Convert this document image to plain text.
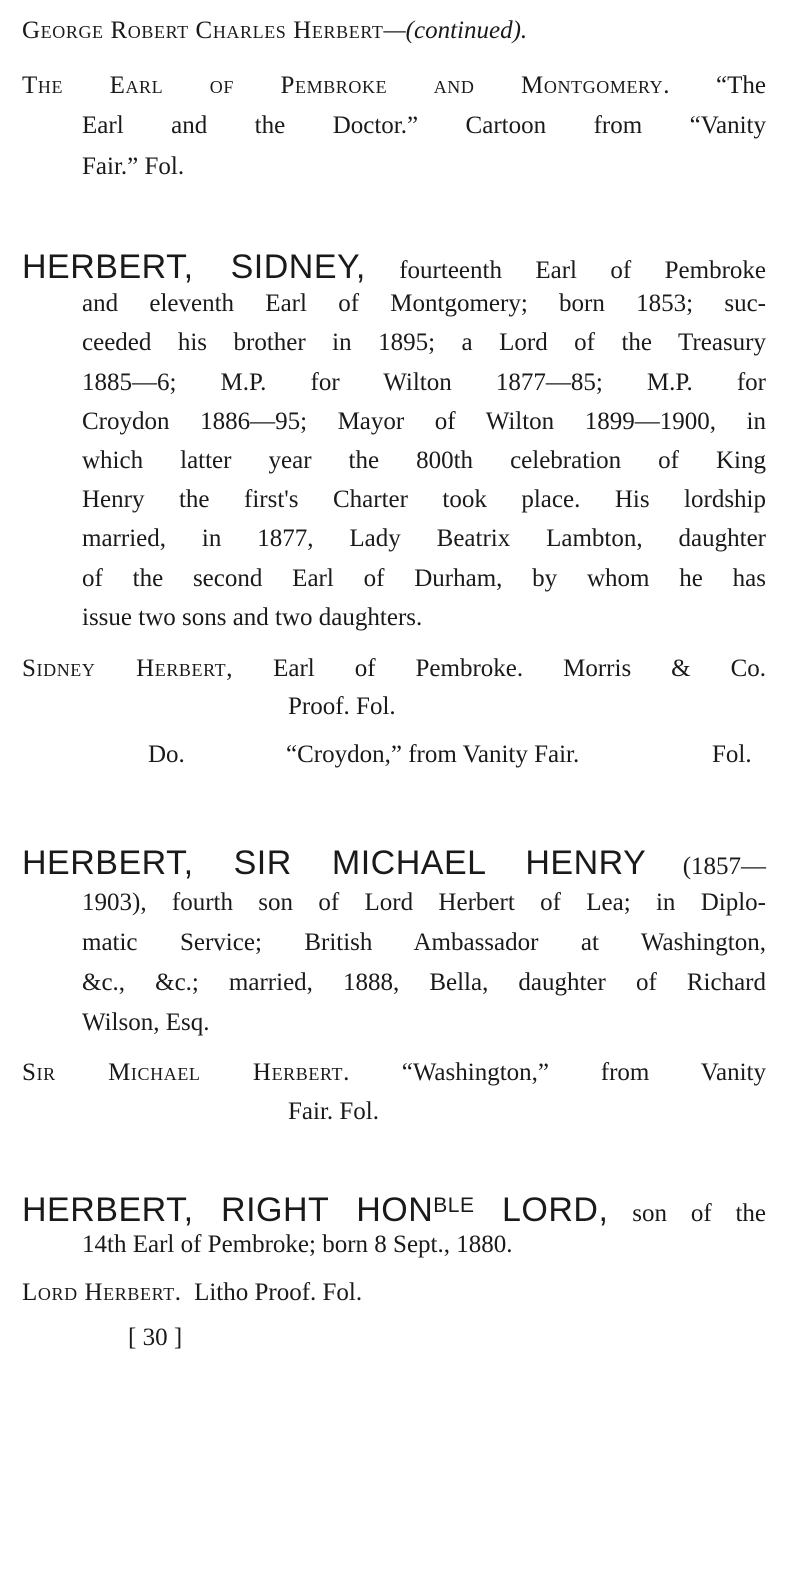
George Robert Charles Herbert—(continued).
The Earl of Pembroke and Montgomery. “The
Earl and the Doctor.” Cartoon from “Vanity
Fair.” Fol.
HERBERT, SIDNEY, fourteenth Earl of Pembroke
and eleventh Earl of Montgomery; born 1853; suc-
ceeded his brother in 1895; a Lord of the Treasury
1885—6; M.P. for Wilton 1877—85; M.P. for
Croydon 1886—95; Mayor of Wilton 1899—1900, in
which latter year the 800th celebration of King
Henry the first's Charter took place. His lordship
married, in 1877, Lady Beatrix Lambton, daughter
of the second Earl of Durham, by whom he has
issue two sons and two daughters.
Sidney Herbert, Earl of Pembroke. Morris & Co.
Proof. Fol.
Do.	“Croydon,” from Vanity Fair.	Fol.
HERBERT, SIR MICHAEL HENRY (1857—
1903), fourth son of Lord Herbert of Lea; in Diplo-
matic Service; British Ambassador at Washington,
&c., &c.; married, 1888, Bella, daughter of Richard
Wilson, Esq.
Sir Michael Herbert. “Washington,” from Vanity
Fair. Fol.
HERBERT, RIGHT $HON^{BLE}$ LORD, son of the
14th Earl of Pembroke; born 8 Sept., 1880.
Lord Herbert. Litho Proof. Fol.
[ 30 ]
